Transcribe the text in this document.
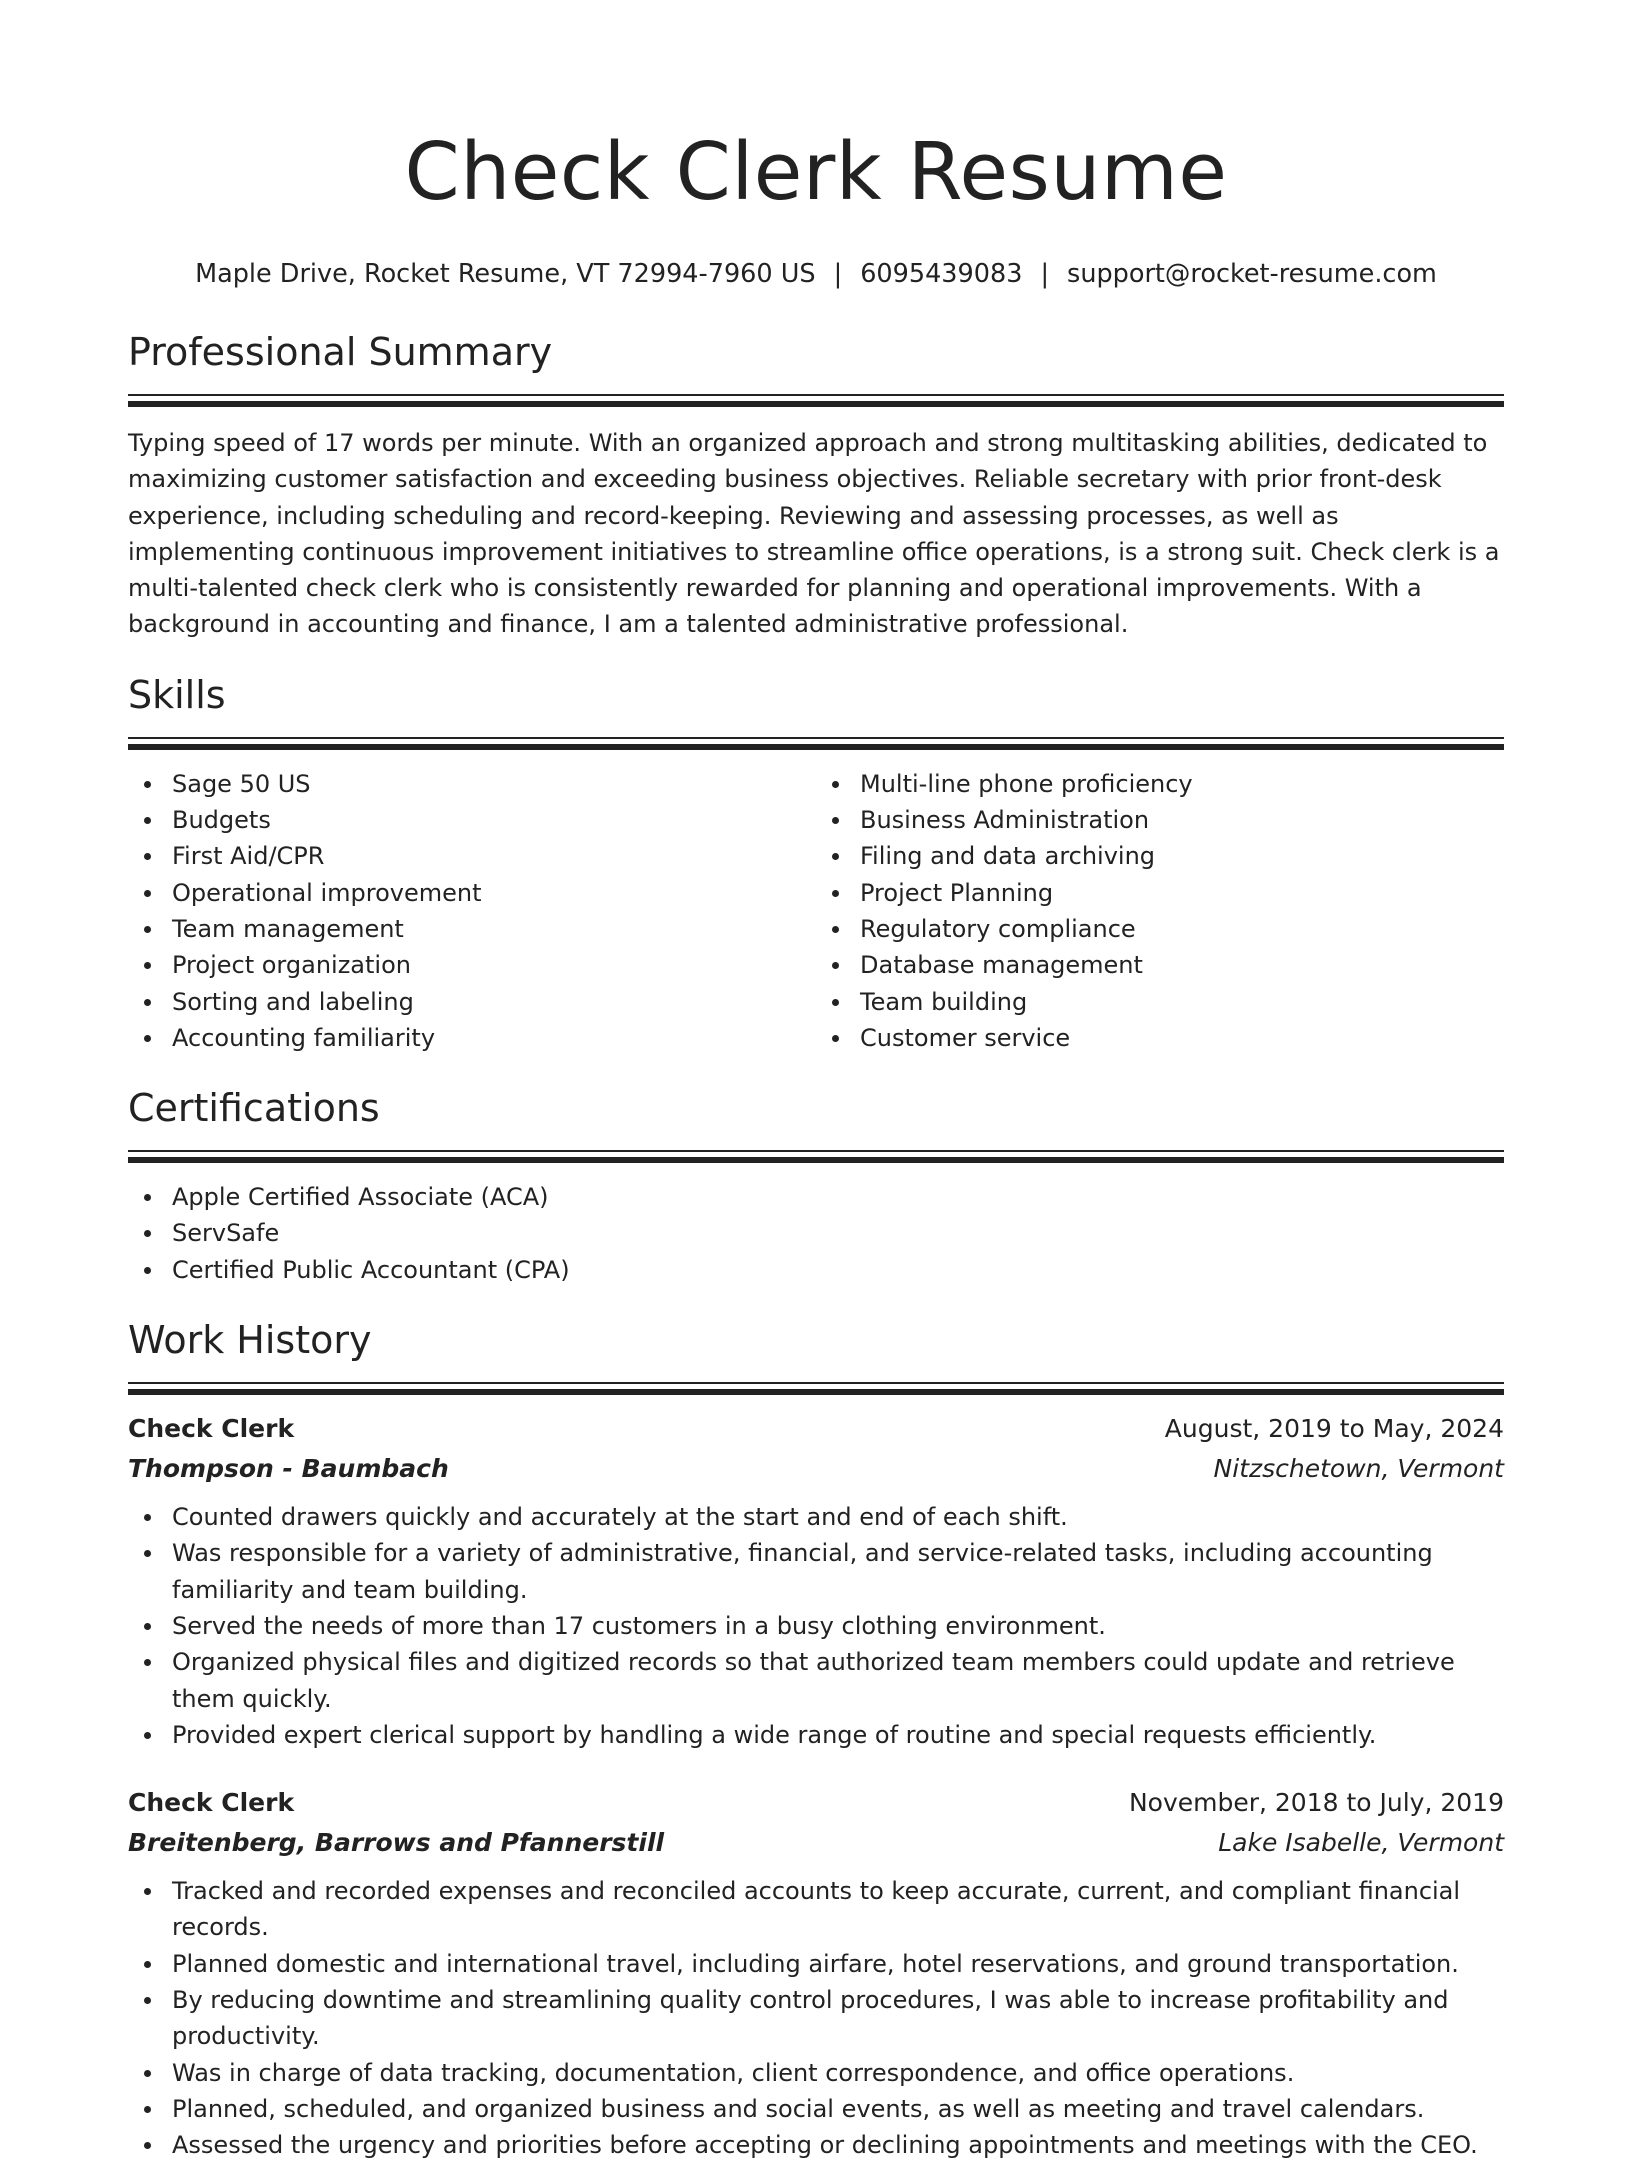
Check Clerk Resume
Maple Drive, Rocket Resume, VT 72994-7960 US | 6095439083 | support@rocket-resume.com
Professional Summary

Typing speed of 17 words per minute. With an organized approach and strong multitasking abilities, dedicated to maximizing customer satisfaction and exceeding business objectives. Reliable secretary with prior front-desk experience, including scheduling and record-keeping. Reviewing and assessing processes, as well as implementing continuous improvement initiatives to streamline office operations, is a strong suit. Check clerk is a multi-talented check clerk who is consistently rewarded for planning and operational improvements. With a background in accounting and finance, I am a talented administrative professional.

Skills
Sage 50 US
Budgets
First Aid/CPR
Operational improvement
Team management
Project organization
Sorting and labeling
Accounting familiarity
Multi-line phone proficiency
Business Administration
Filing and data archiving
Project Planning
Regulatory compliance
Database management
Team building
Customer service
Certifications
Apple Certified Associate (ACA)
ServSafe
Certified Public Accountant (CPA)
Work History
Check Clerk	August, 2019 to May, 2024
Thompson - Baumbach	Nitzschetown, Vermont
Counted drawers quickly and accurately at the start and end of each shift.
Was responsible for a variety of administrative, financial, and service-related tasks, including accounting familiarity and team building.
Served the needs of more than 17 customers in a busy clothing environment.
Organized physical files and digitized records so that authorized team members could update and retrieve them quickly.
Provided expert clerical support by handling a wide range of routine and special requests efficiently.
Check Clerk	November, 2018 to July, 2019
Breitenberg, Barrows and Pfannerstill	Lake Isabelle, Vermont
Tracked and recorded expenses and reconciled accounts to keep accurate, current, and compliant financial records.
Planned domestic and international travel, including airfare, hotel reservations, and ground transportation.
By reducing downtime and streamlining quality control procedures, I was able to increase profitability and productivity.
Was in charge of data tracking, documentation, client correspondence, and office operations.
Planned, scheduled, and organized business and social events, as well as meeting and travel calendars.
Assessed the urgency and priorities before accepting or declining appointments and meetings with the CEO.
